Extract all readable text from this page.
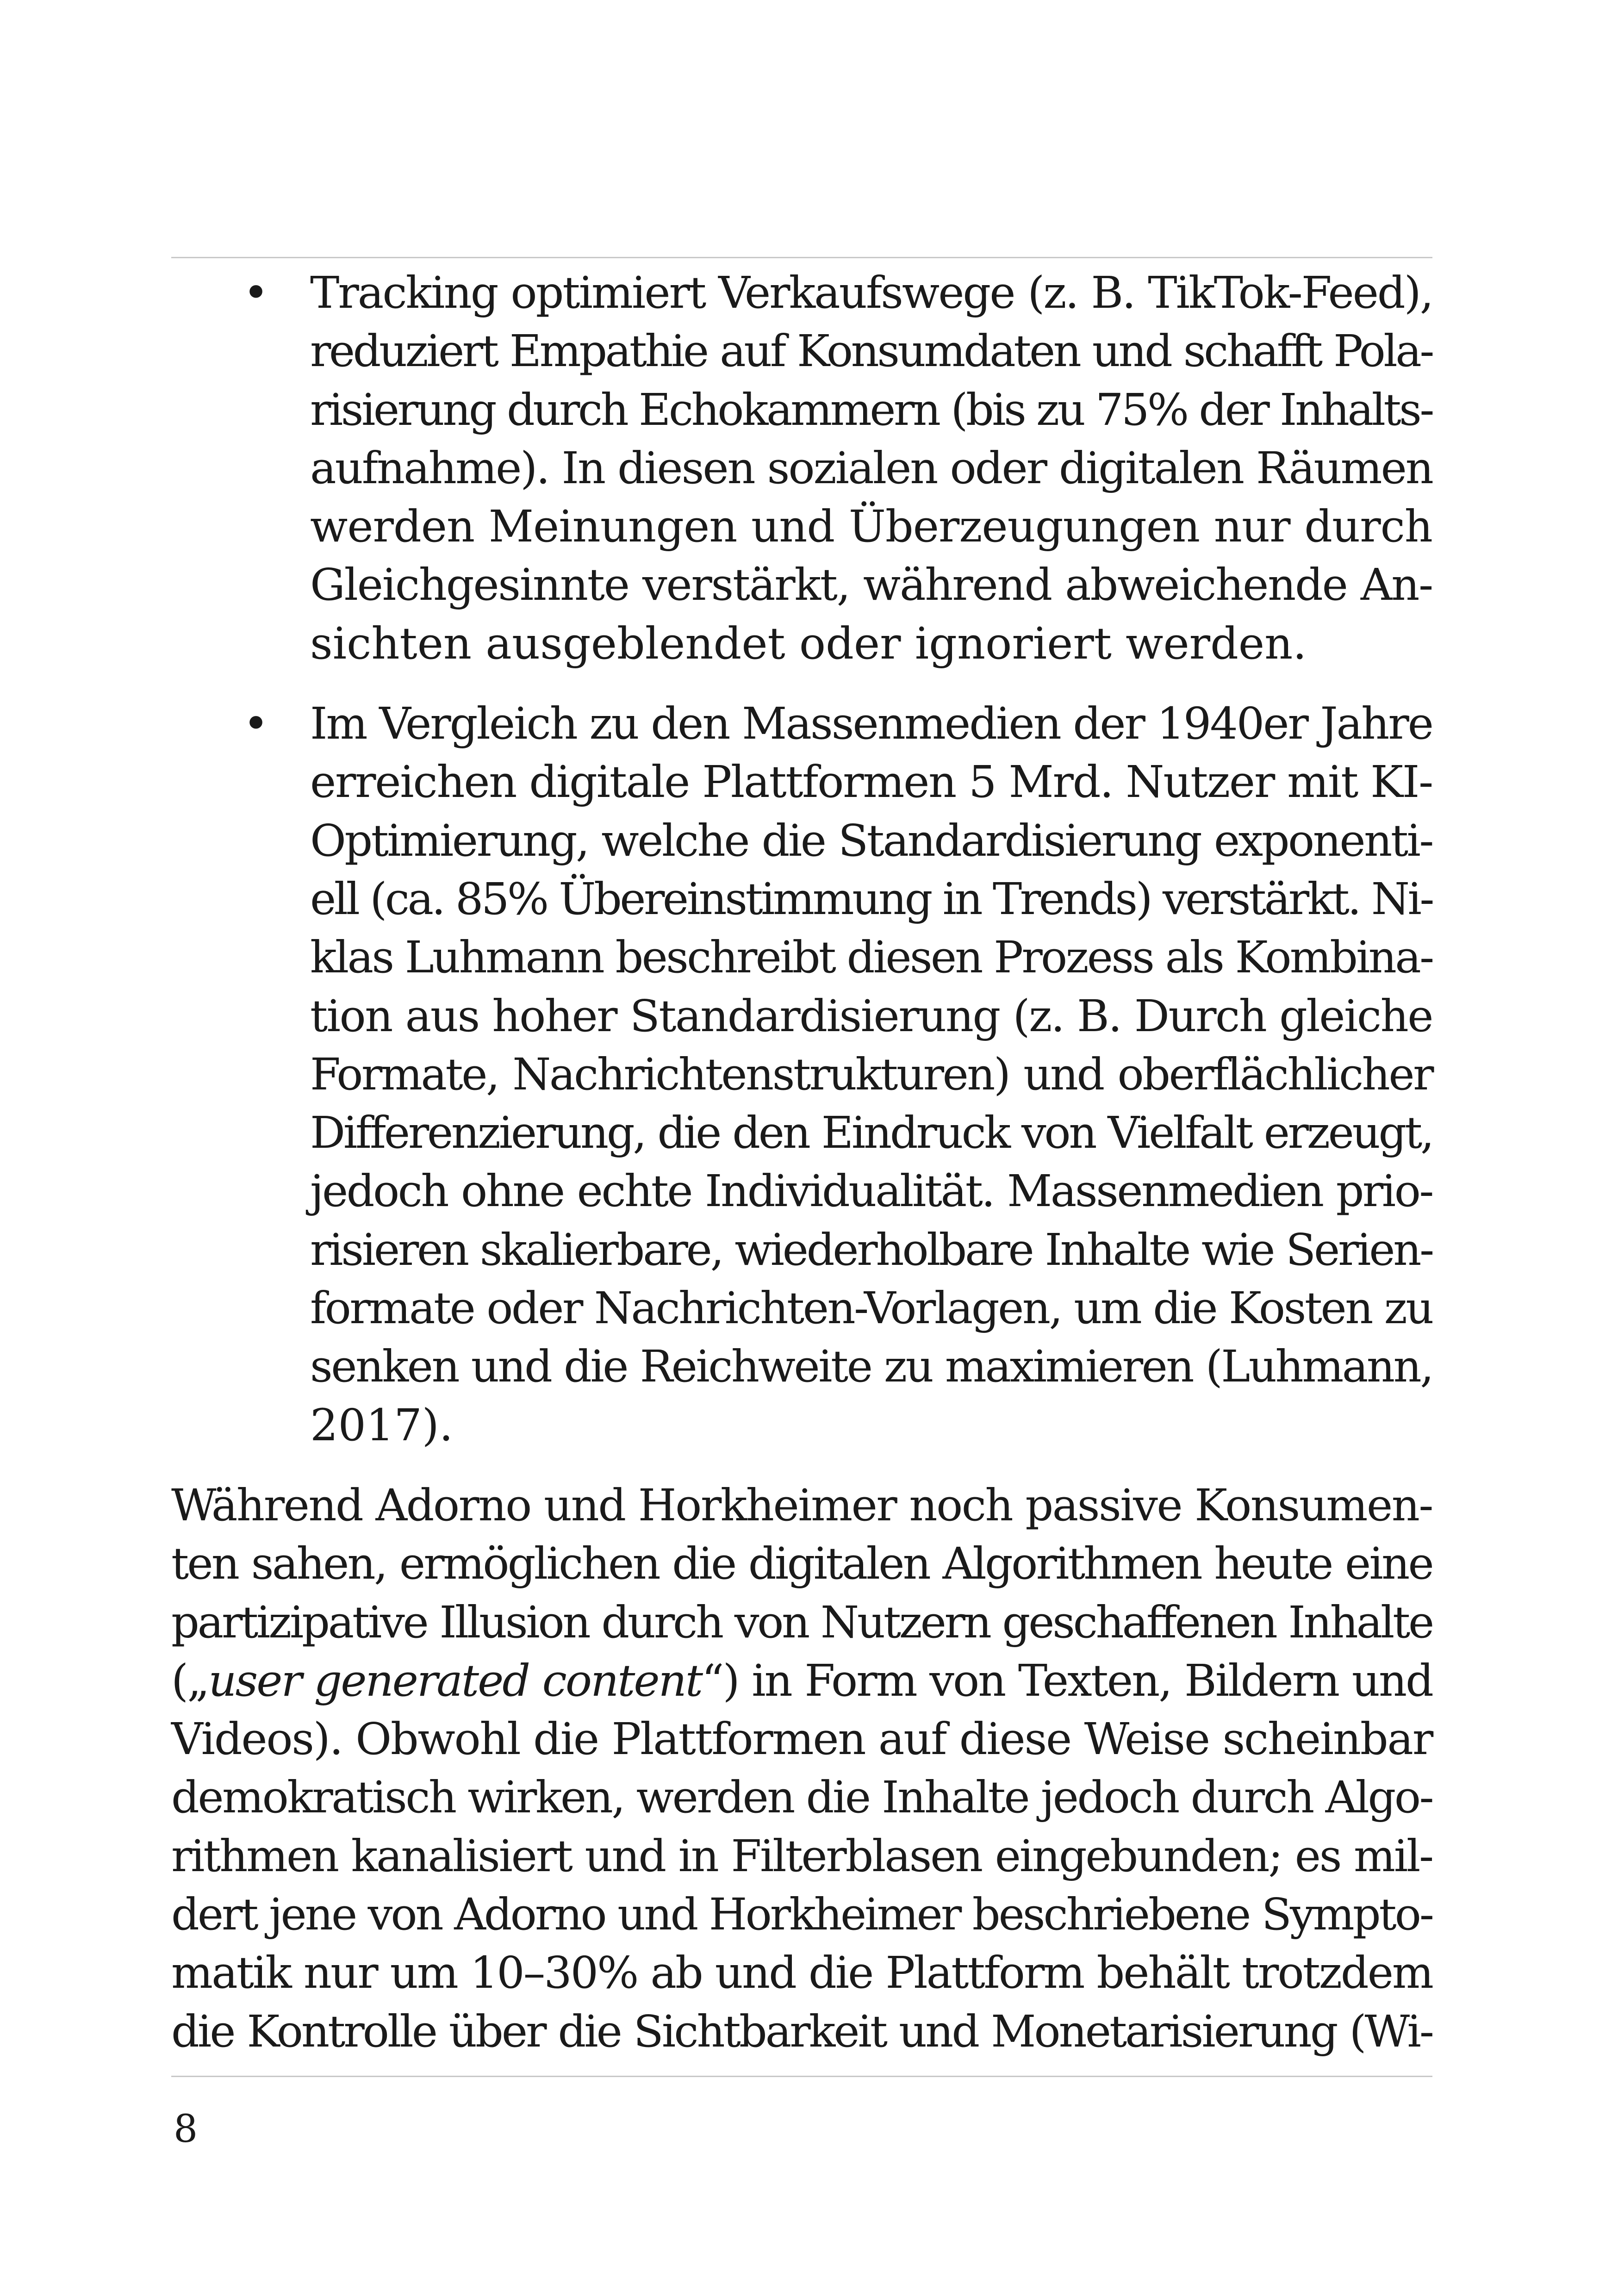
• Tracking optimiert Verkaufswege (z. B. TikTok-Feed),
reduziert Empathie auf Konsumdaten und schafft Pola-
risierung durch Echokammern (bis zu 75% der Inhalts-
aufnahme). In diesen sozialen oder digitalen Räumen
werden Meinungen und Überzeugungen nur durch
Gleichgesinnte verstärkt, während abweichende An-
sichten ausgeblendet oder ignoriert werden.
• Im Vergleich zu den Massenmedien der 1940er Jahre
erreichen digitale Plattformen 5 Mrd. Nutzer mit KI-
Optimierung, welche die Standardisierung exponenti-
ell (ca. 85% Übereinstimmung in Trends) verstärkt. Ni-
klas Luhmann beschreibt diesen Prozess als Kombina-
tion aus hoher Standardisierung (z. B. Durch gleiche
Formate, Nachrichtenstrukturen) und oberflächlicher
Differenzierung, die den Eindruck von Vielfalt erzeugt,
jedoch ohne echte Individualität. Massenmedien prio-
risieren skalierbare, wiederholbare Inhalte wie Serien-
formate oder Nachrichten-Vorlagen, um die Kosten zu
senken und die Reichweite zu maximieren (Luhmann,
2017).

Während Adorno und Horkheimer noch passive Konsumen-
ten sahen, ermöglichen die digitalen Algorithmen heute eine
partizipative Illusion durch von Nutzern geschaffenen Inhalte
(„user generated content“) in Form von Texten, Bildern und
Videos). Obwohl die Plattformen auf diese Weise scheinbar
demokratisch wirken, werden die Inhalte jedoch durch Algo-
rithmen kanalisiert und in Filterblasen eingebunden; es mil-
dert jene von Adorno und Horkheimer beschriebene Sympto-
matik nur um 10–30% ab und die Plattform behält trotzdem
die Kontrolle über die Sichtbarkeit und Monetarisierung (Wi-

8
